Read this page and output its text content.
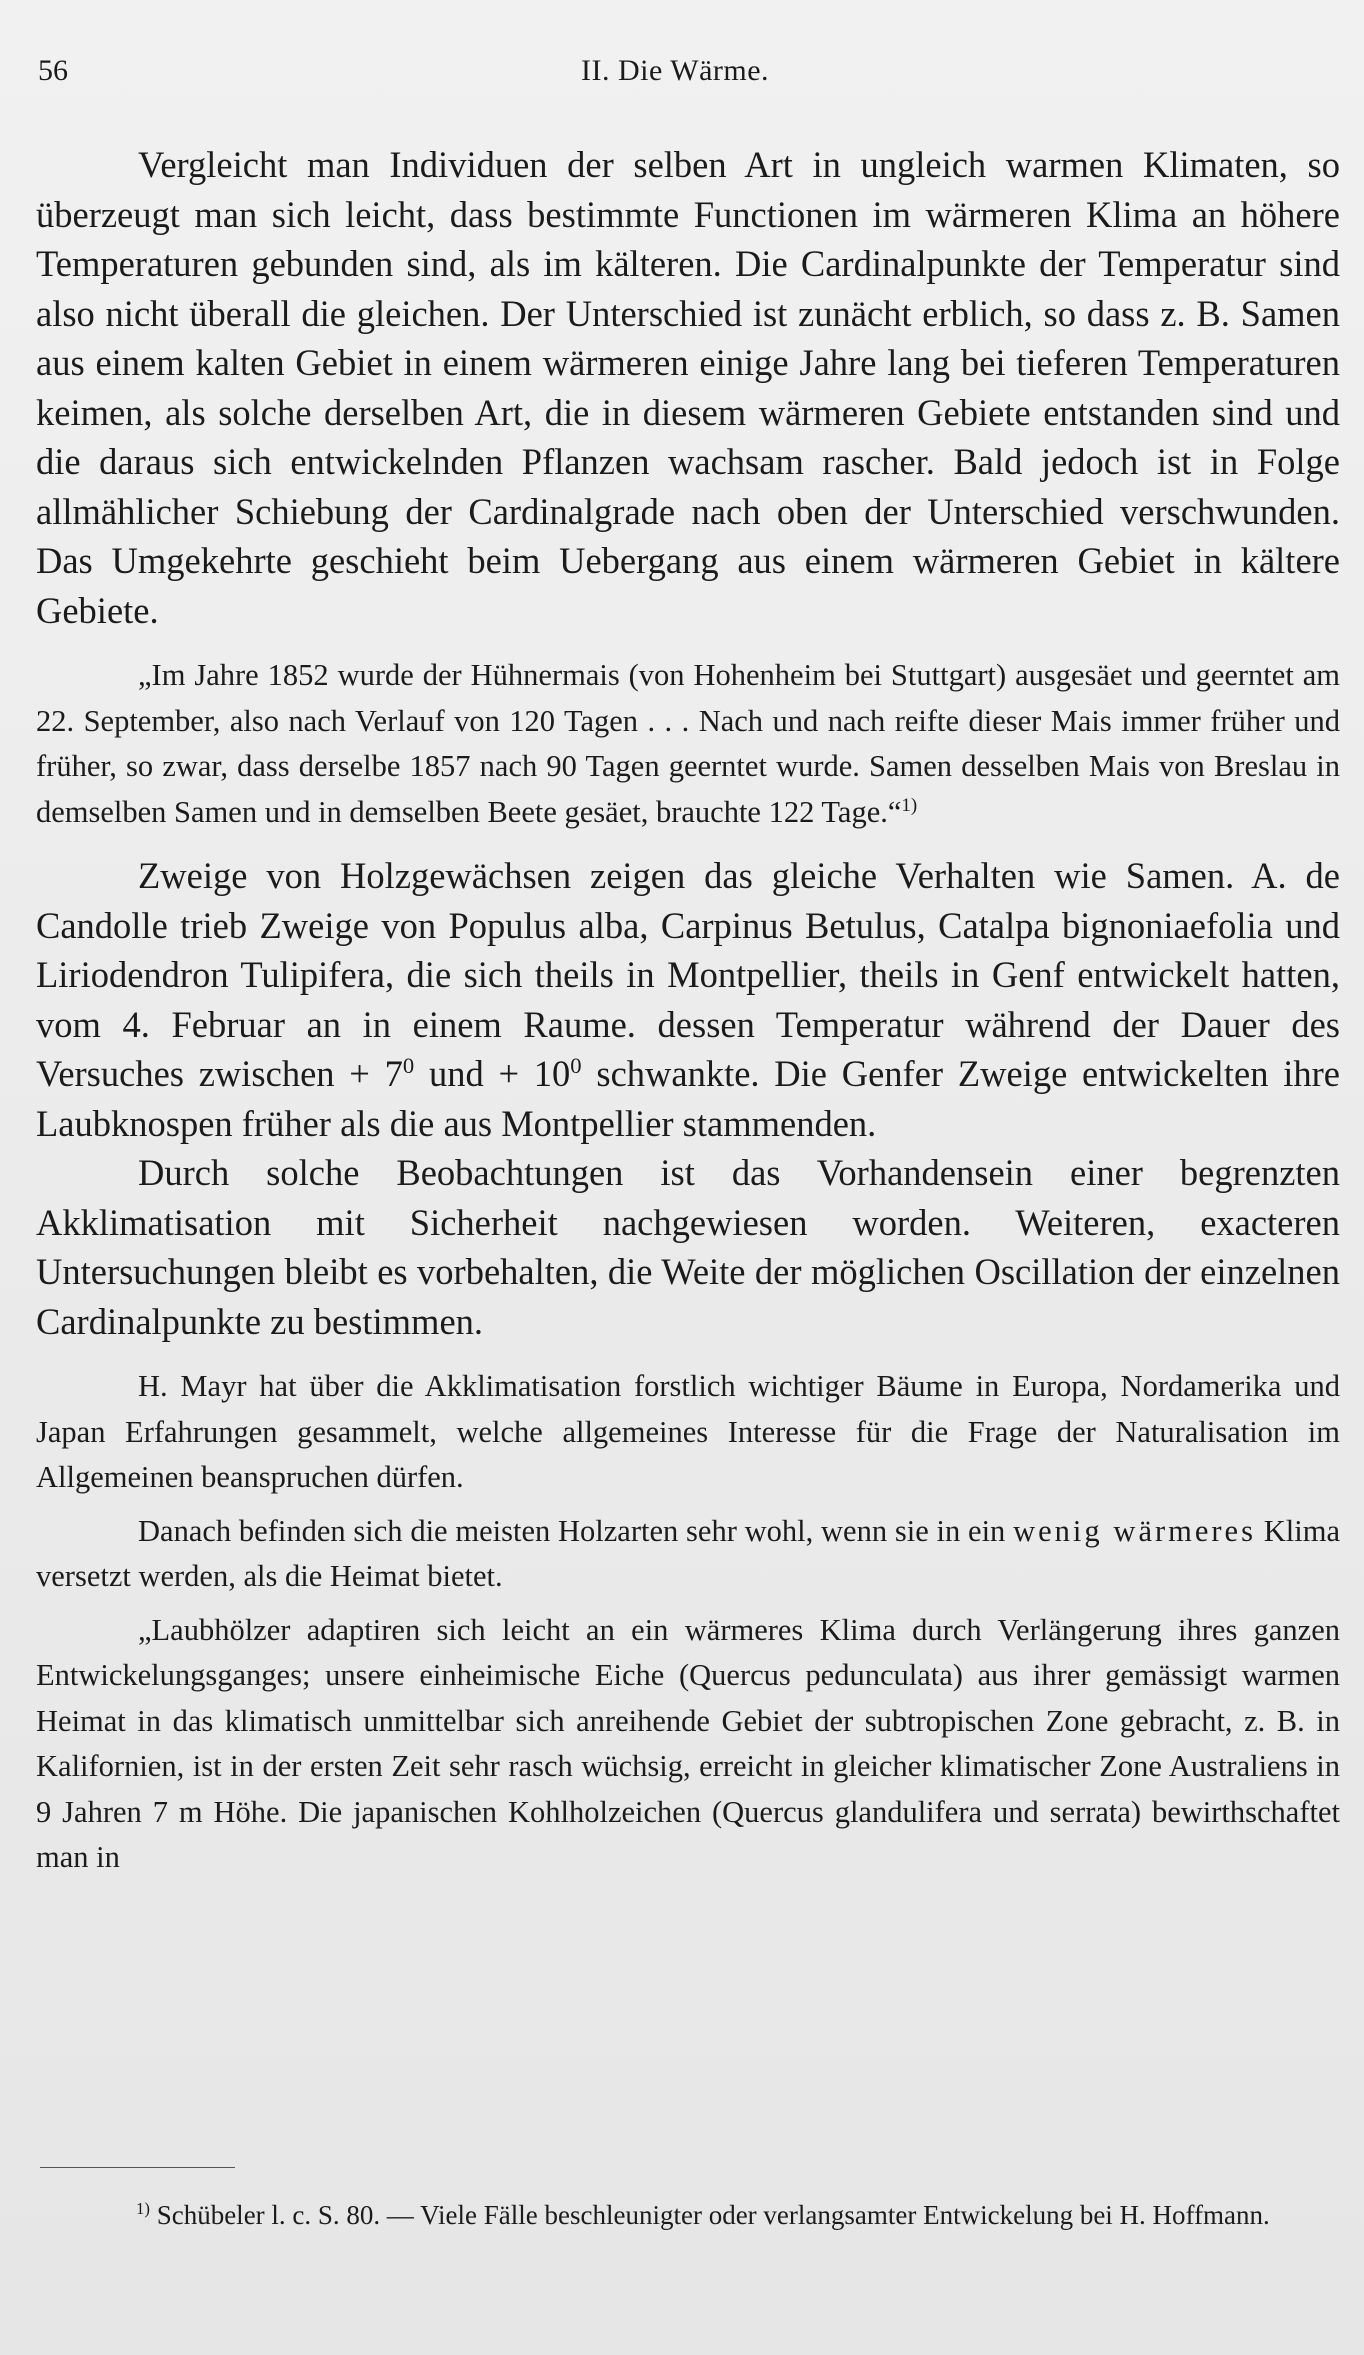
56	II. Die Wärme.

Vergleicht man Individuen der selben Art in ungleich warmen Klimaten, so überzeugt man sich leicht, dass bestimmte Functionen im wärmeren Klima an höhere Temperaturen gebunden sind, als im kälteren. Die Cardinalpunkte der Temperatur sind also nicht überall die gleichen. Der Unterschied ist zunächt erblich, so dass z. B. Samen aus einem kalten Gebiet in einem wärmeren einige Jahre lang bei tieferen Temperaturen keimen, als solche derselben Art, die in diesem wärmeren Gebiete entstanden sind und die daraus sich entwickelnden Pflanzen wachsam rascher. Bald jedoch ist in Folge allmählicher Schiebung der Cardinalgrade nach oben der Unterschied verschwunden. Das Umgekehrte geschieht beim Uebergang aus einem wärmeren Gebiet in kältere Gebiete.

„Im Jahre 1852 wurde der Hühnermais (von Hohenheim bei Stuttgart) ausgesäet und geerntet am 22. September, also nach Verlauf von 120 Tagen . . . Nach und nach reifte dieser Mais immer früher und früher, so zwar, dass derselbe 1857 nach 90 Tagen geerntet wurde. Samen desselben Mais von Breslau in demselben Samen und in demselben Beete gesäet, brauchte 122 Tage.“$^{1)}$

Zweige von Holzgewächsen zeigen das gleiche Verhalten wie Samen. A. de Candolle trieb Zweige von Populus alba, Carpinus Betulus, Catalpa bignoniaefolia und Liriodendron Tulipifera, die sich theils in Montpellier, theils in Genf entwickelt hatten, vom 4. Februar an in einem Raume. dessen Temperatur während der Dauer des Versuches zwischen + $7^0$ und + $10^0$ schwankte. Die Genfer Zweige entwickelten ihre Laubknospen früher als die aus Montpellier stammenden.

Durch solche Beobachtungen ist das Vorhandensein einer begrenzten Akklimatisation mit Sicherheit nachgewiesen worden. Weiteren, exacteren Untersuchungen bleibt es vorbehalten, die Weite der möglichen Oscillation der einzelnen Cardinalpunkte zu bestimmen.

H. Mayr hat über die Akklimatisation forstlich wichtiger Bäume in Europa, Nordamerika und Japan Erfahrungen gesammelt, welche allgemeines Interesse für die Frage der Naturalisation im Allgemeinen beanspruchen dürfen.

Danach befinden sich die meisten Holzarten sehr wohl, wenn sie in ein wenig wärmeres Klima versetzt werden, als die Heimat bietet.

„Laubhölzer adaptiren sich leicht an ein wärmeres Klima durch Verlängerung ihres ganzen Entwickelungsganges; unsere einheimische Eiche (Quercus pedunculata) aus ihrer gemässigt warmen Heimat in das klimatisch unmittelbar sich anreihende Gebiet der subtropischen Zone gebracht, z. B. in Kalifornien, ist in der ersten Zeit sehr rasch wüchsig, erreicht in gleicher klimatischer Zone Australiens in 9 Jahren 7 m Höhe. Die japanischen Kohlholzeichen (Quercus glandulifera und serrata) bewirthschaftet man in

$^{1)}$ Schübeler l. c. S. 80. — Viele Fälle beschleunigter oder verlangsamter Entwickelung bei H. Hoffmann.
